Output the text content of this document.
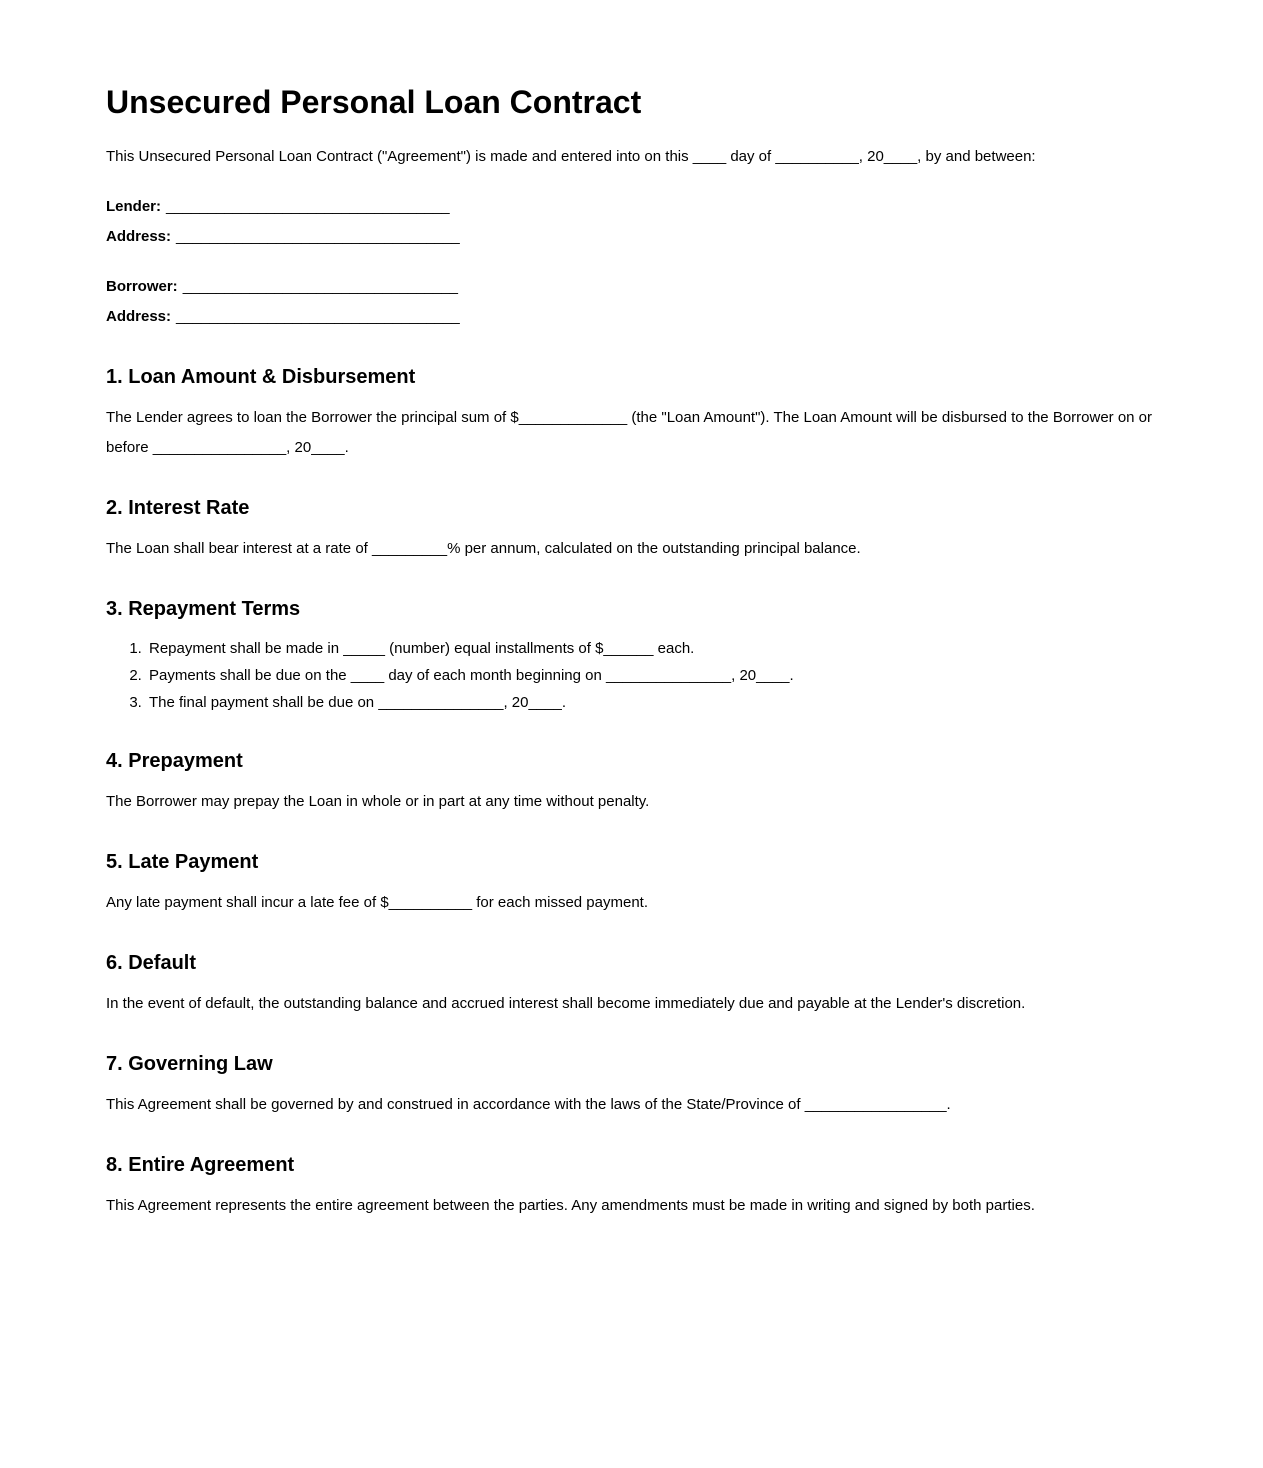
Unsecured Personal Loan Contract

This Unsecured Personal Loan Contract ("Agreement") is made and entered into on this ____ day of __________, 20____, by and between:

Lender: __________________________________
Address: __________________________________
Borrower: _________________________________
Address: __________________________________
1. Loan Amount & Disbursement

The Lender agrees to loan the Borrower the principal sum of $_____________ (the "Loan Amount"). The Loan Amount will be disbursed to the Borrower on or before ________________, 20____.

2. Interest Rate

The Loan shall bear interest at a rate of _________% per annum, calculated on the outstanding principal balance.

3. Repayment Terms
1. Repayment shall be made in _____ (number) equal installments of $______ each.
2. Payments shall be due on the ____ day of each month beginning on _______________, 20____.
3. The final payment shall be due on _______________, 20____.
4. Prepayment

The Borrower may prepay the Loan in whole or in part at any time without penalty.

5. Late Payment

Any late payment shall incur a late fee of $__________ for each missed payment.

6. Default

In the event of default, the outstanding balance and accrued interest shall become immediately due and payable at the Lender's discretion.

7. Governing Law

This Agreement shall be governed by and construed in accordance with the laws of the State/Province of _________________.

8. Entire Agreement

This Agreement represents the entire agreement between the parties. Any amendments must be made in writing and signed by both parties.
